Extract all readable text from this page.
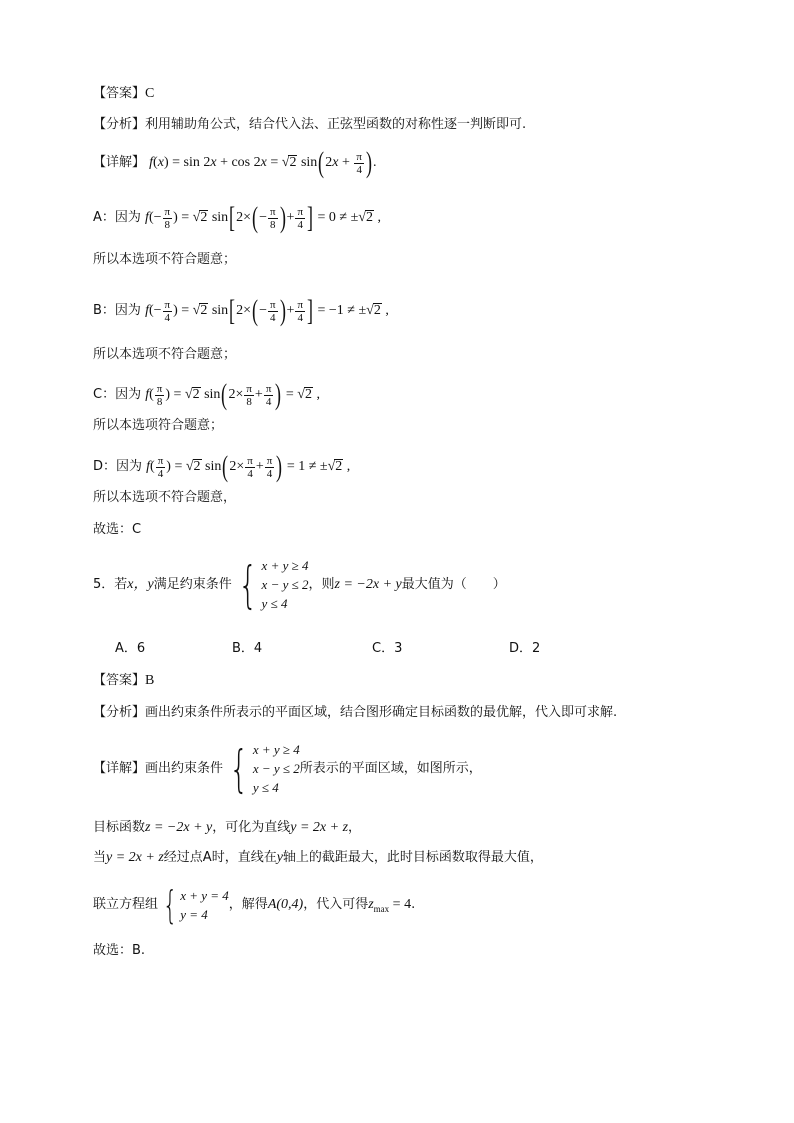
【答案】C
【分析】利用辅助角公式，结合代入法、正弦型函数的对称性逐一判断即可.
【详解】 f(x) = sin 2x + cos 2x = √2 $\sin(2x + \frac{\pi}{4}$ ).
A：因为 $f(- \frac{\pi}{8}$ ) = √2 $\sin[2\times(- \frac{\pi}{8}$ )+ $\frac{\pi}{4}$ ] = 0 ≠ ±√2 ,
所以本选项不符合题意；
B：因为 $f(- \frac{\pi}{4}$ ) = √2 $\sin[2\times(- \frac{\pi}{4}$ )+ $\frac{\pi}{4}$ ] = −1 ≠ ±√2 ,
所以本选项不符合题意；
C：因为 $f( \frac{\pi}{8}$ ) = √2 $\sin(2\times \frac{\pi}{8} + \frac{\pi}{4}$ ) = √2 ,
所以本选项符合题意；
D：因为 $f( \frac{\pi}{4}$ ) = √2 $\sin(2\times \frac{\pi}{4} + \frac{\pi}{4}$ ) = 1 ≠ ±√2 ,
所以本选项不符合题意，
故选：C
5．若x，y满足约束条件 { x + y ≥ 4
x − y ≤ 2
y ≤ 4
，则z = −2x + y最大值为（　　）
A．6	B．4	C．3	D．2
【答案】B
【分析】画出约束条件所表示的平面区域，结合图形确定目标函数的最优解，代入即可求解.
【详解】画出约束条件 { x + y ≥ 4
x − y ≤ 2
y ≤ 4
所表示的平面区域，如图所示，
目标函数z = −2x + y，可化为直线y = 2x + z，
当y = 2x + z经过点A时，直线在y轴上的截距最大，此时目标函数取得最大值，
联立方程组 { x + y = 4
y = 4
，解得A(0,4)，代入可得$z_{max} = 4$.
故选：B.
